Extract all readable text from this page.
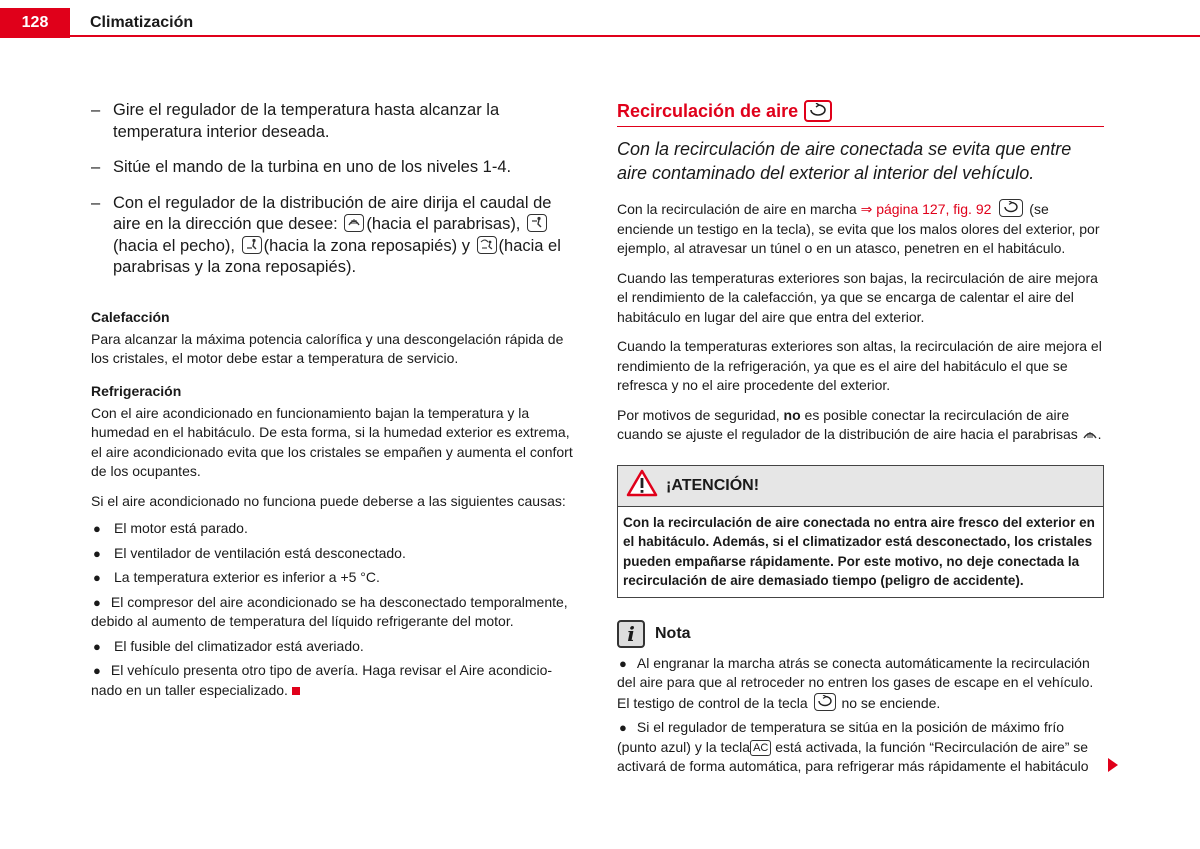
128	Climatización
– Gire el regulador de la temperatura hasta alcanzar la temperatura interior deseada.
– Sitúe el mando de la turbina en uno de los niveles 1-4.
– Con el regulador de la distribución de aire dirija el caudal de aire en la dirección que desee:
(hacia el parabrisas),
(hacia el pecho),
(hacia la zona reposapiés) y
(hacia el parabrisas y la zona reposapiés).
Calefacción

Para alcanzar la máxima potencia calorífica y una descongelación rápida de los cristales, el motor debe estar a temperatura de servicio.

Refrigeración

Con el aire acondicionado en funcionamiento bajan la temperatura y la humedad en el habitáculo. De esta forma, si la humedad exterior es extrema, el aire acondicionado evita que los cristales se empañen y aumenta el confort de los ocupantes.

Si el aire acondicionado no funciona puede deberse a las siguientes causas:

● El motor está parado.
● El ventilador de ventilación está desconectado.
● La temperatura exterior es inferior a +5 °C.
● El compresor del aire acondicionado se ha desconectado temporalmente, debido al aumento de temperatura del líquido refrigerante del motor.
● El fusible del climatizador está averiado.
● El vehículo presenta otro tipo de avería. Haga revisar el Aire acondicio-nado en un taller especializado.
Recirculación de aire

Con la recirculación de aire conectada se evita que entre aire contaminado del exterior al interior del vehículo.

Con la recirculación de aire en marcha ⇒ página 127, fig. 92
(se enciende un testigo en la tecla), se evita que los malos olores del exterior, por ejemplo, al atravesar un túnel o en un atasco, penetren en el habitáculo.

Cuando las temperaturas exteriores son bajas, la recirculación de aire mejora el rendimiento de la calefacción, ya que se encarga de calentar el aire del habitáculo en lugar del aire que entra del exterior.

Cuando la temperaturas exteriores son altas, la recirculación de aire mejora el rendimiento de la refrigeración, ya que es el aire del habitáculo el que se refresca y no el aire procedente del exterior.

Por motivos de seguridad, no es posible conectar la recirculación de aire cuando se ajuste el regulador de la distribución de aire hacia el parabrisas .

¡ATENCIÓN!
Con la recirculación de aire conectada no entra aire fresco del exterior en el habitáculo. Además, si el climatizador está desconectado, los cristales pueden empañarse rápidamente. Por este motivo, no deje conectada la recirculación de aire demasiado tiempo (peligro de accidente).
i	Nota
● Al engranar la marcha atrás se conecta automáticamente la recirculación del aire para que al retroceder no entren los gases de escape en el vehículo. El testigo de control de la tecla
no se enciende.
● Si el regulador de temperatura se sitúa en la posición de máximo frío (punto azul) y la tecla AC está activada, la función “Recirculación de aire” se activará de forma automática, para refrigerar más rápidamente el habitáculo
